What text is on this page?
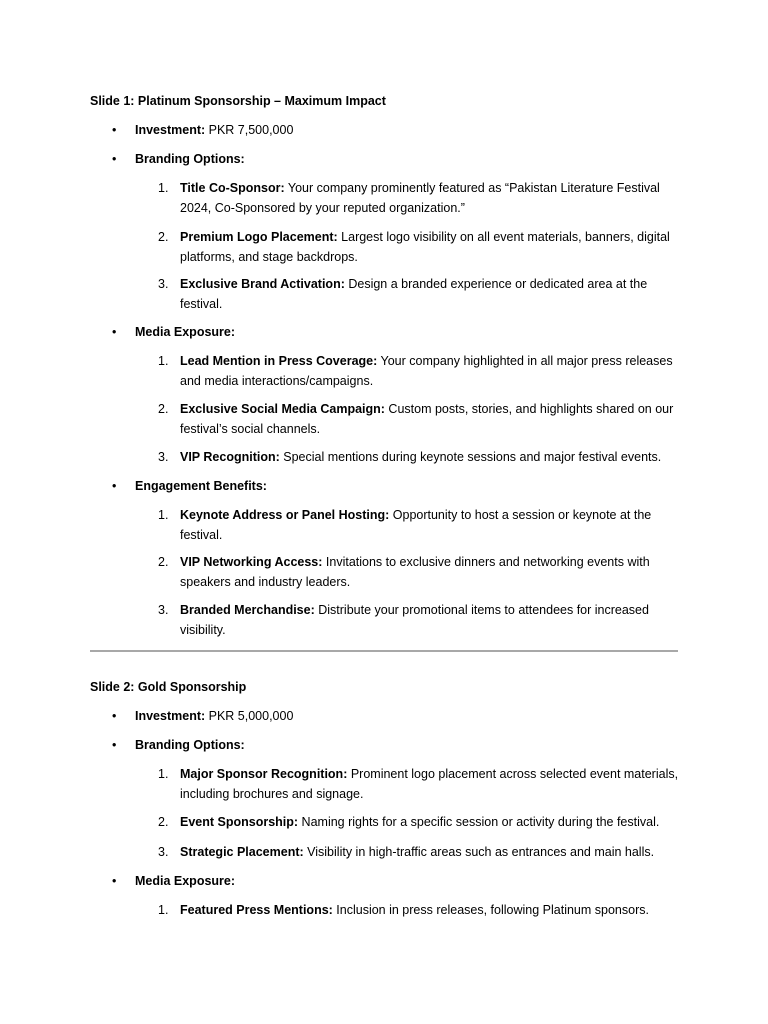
Slide 1: Platinum Sponsorship – Maximum Impact
• Investment: PKR 7,500,000
• Branding Options:
1. Title Co-Sponsor: Your company prominently featured as “Pakistan Literature Festival 2024, Co-Sponsored by your reputed organization.”
2. Premium Logo Placement: Largest logo visibility on all event materials, banners, digital platforms, and stage backdrops.
3. Exclusive Brand Activation: Design a branded experience or dedicated area at the festival.
• Media Exposure:
1. Lead Mention in Press Coverage: Your company highlighted in all major press releases and media interactions/campaigns.
2. Exclusive Social Media Campaign: Custom posts, stories, and highlights shared on our festival’s social channels.
3. VIP Recognition: Special mentions during keynote sessions and major festival events.
• Engagement Benefits:
1. Keynote Address or Panel Hosting: Opportunity to host a session or keynote at the festival.
2. VIP Networking Access: Invitations to exclusive dinners and networking events with speakers and industry leaders.
3. Branded Merchandise: Distribute your promotional items to attendees for increased visibility.
Slide 2: Gold Sponsorship
• Investment: PKR 5,000,000
• Branding Options:
1. Major Sponsor Recognition: Prominent logo placement across selected event materials, including brochures and signage.
2. Event Sponsorship: Naming rights for a specific session or activity during the festival.
3. Strategic Placement: Visibility in high-traffic areas such as entrances and main halls.
• Media Exposure:
1. Featured Press Mentions: Inclusion in press releases, following Platinum sponsors.
